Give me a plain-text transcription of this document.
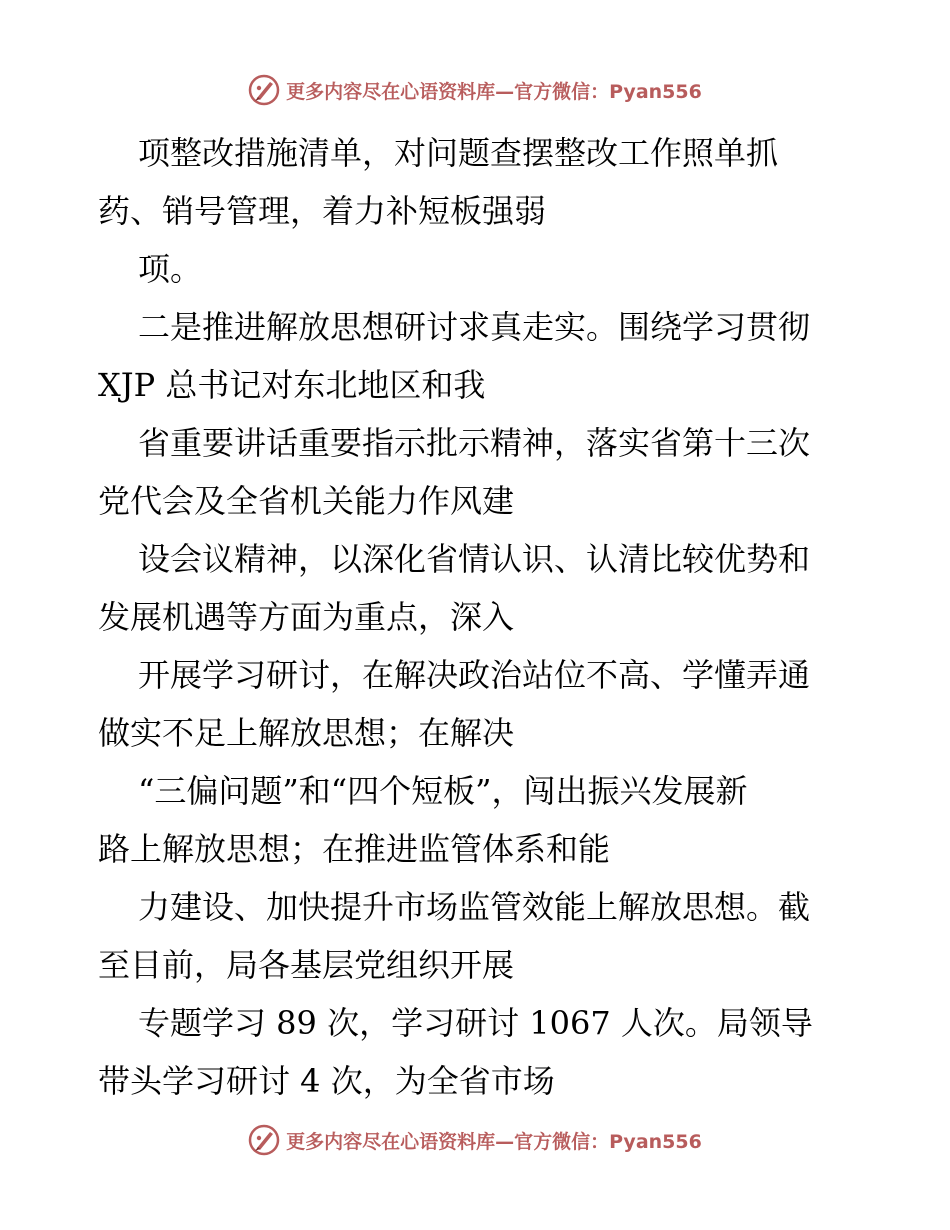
更多内容尽在心语资料库—官方微信：Pyan556
项整改措施清单，对问题查摆整改工作照单抓
药、销号管理，着力补短板强弱
项。
二是推进解放思想研讨求真走实。围绕学习贯彻
XJP 总书记对东北地区和我
省重要讲话重要指示批示精神，落实省第十三次
党代会及全省机关能力作风建
设会议精神，以深化省情认识、认清比较优势和
发展机遇等方面为重点，深入
开展学习研讨，在解决政治站位不高、学懂弄通
做实不足上解放思想；在解决
“三偏问题”和“四个短板”，闯出振兴发展新
路上解放思想；在推进监管体系和能
力建设、加快提升市场监管效能上解放思想。截
至目前，局各基层党组织开展
专题学习 89 次，学习研讨 1067 人次。局领导
带头学习研讨 4 次，为全省市场
更多内容尽在心语资料库—官方微信：Pyan556
